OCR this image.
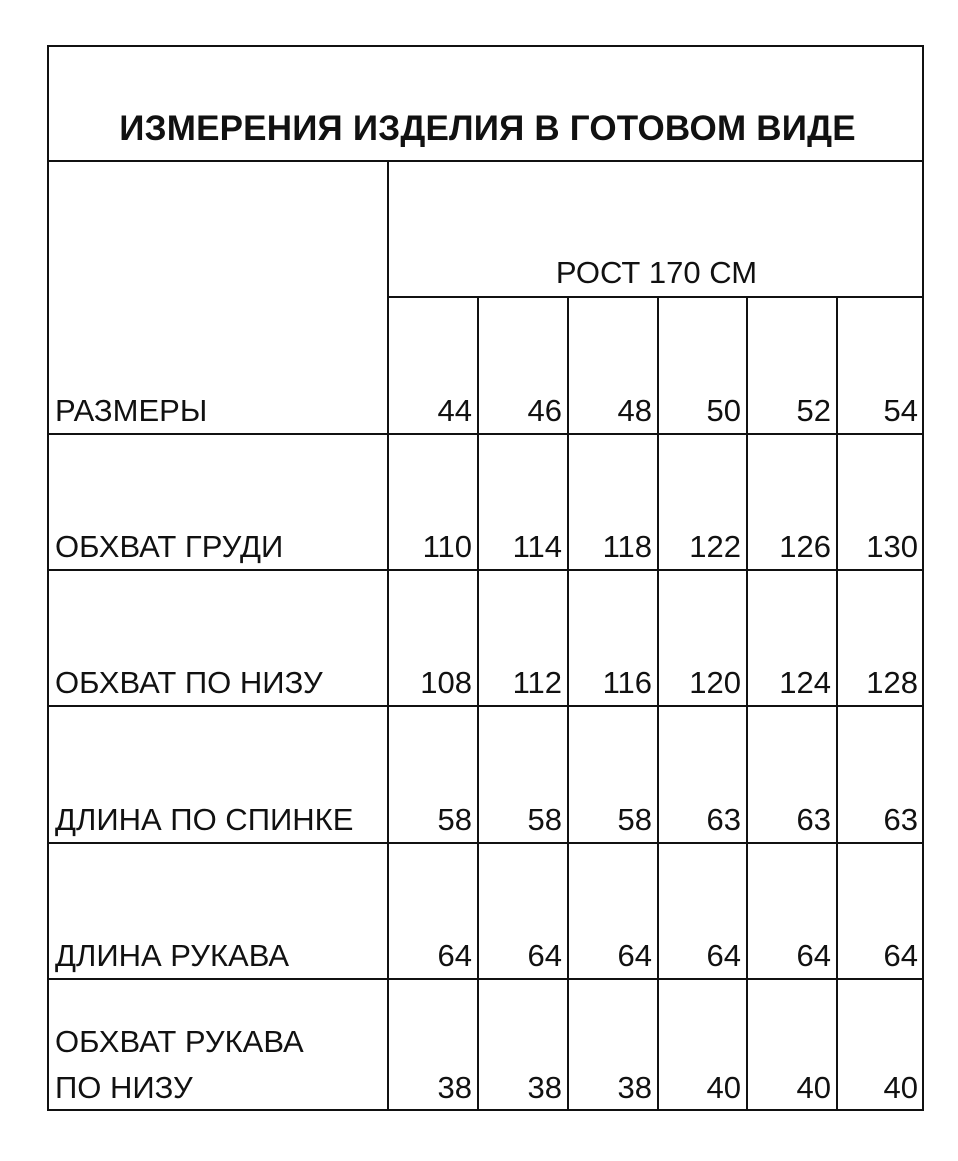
ИЗМЕРЕНИЯ ИЗДЕЛИЯ В ГОТОВОМ ВИДЕ
РОСТ 170 СМ
РАЗМЕРЫ	44	46	48	50	52	54
ОБХВАТ ГРУДИ	110	114	118	122	126	130
ОБХВАТ ПО НИЗУ	108	112	116	120	124	128
ДЛИНА ПО СПИНКЕ	58	58	58	63	63	63
ДЛИНА РУКАВА	64	64	64	64	64	64
ОБХВАТ РУКАВА
ПО НИЗУ	38	38	38	40	40	40
